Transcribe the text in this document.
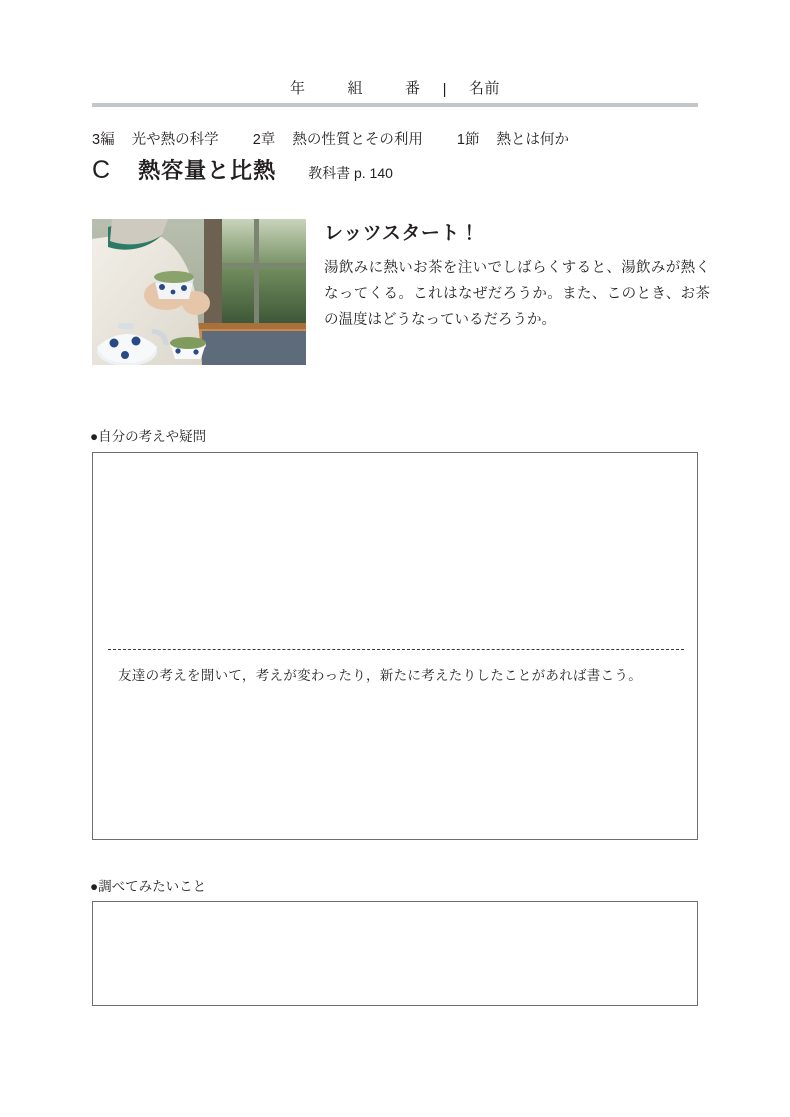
年	組	番 | 名前
3編 光や熱の科学 2章 熱の性質とその利用 1節 熱とは何か
C 熱容量と比熱 教科書 p. 140
レッツスタート！
湯飲みに熱いお茶を注いでしばらくすると、湯飲みが熱くなってくる。これはなぜだろうか。また、このとき、お茶の温度はどうなっているだろうか。
●自分の考えや疑問
友達の考えを聞いて，考えが変わったり，新たに考えたりしたことがあれば書こう。
●調べてみたいこと
